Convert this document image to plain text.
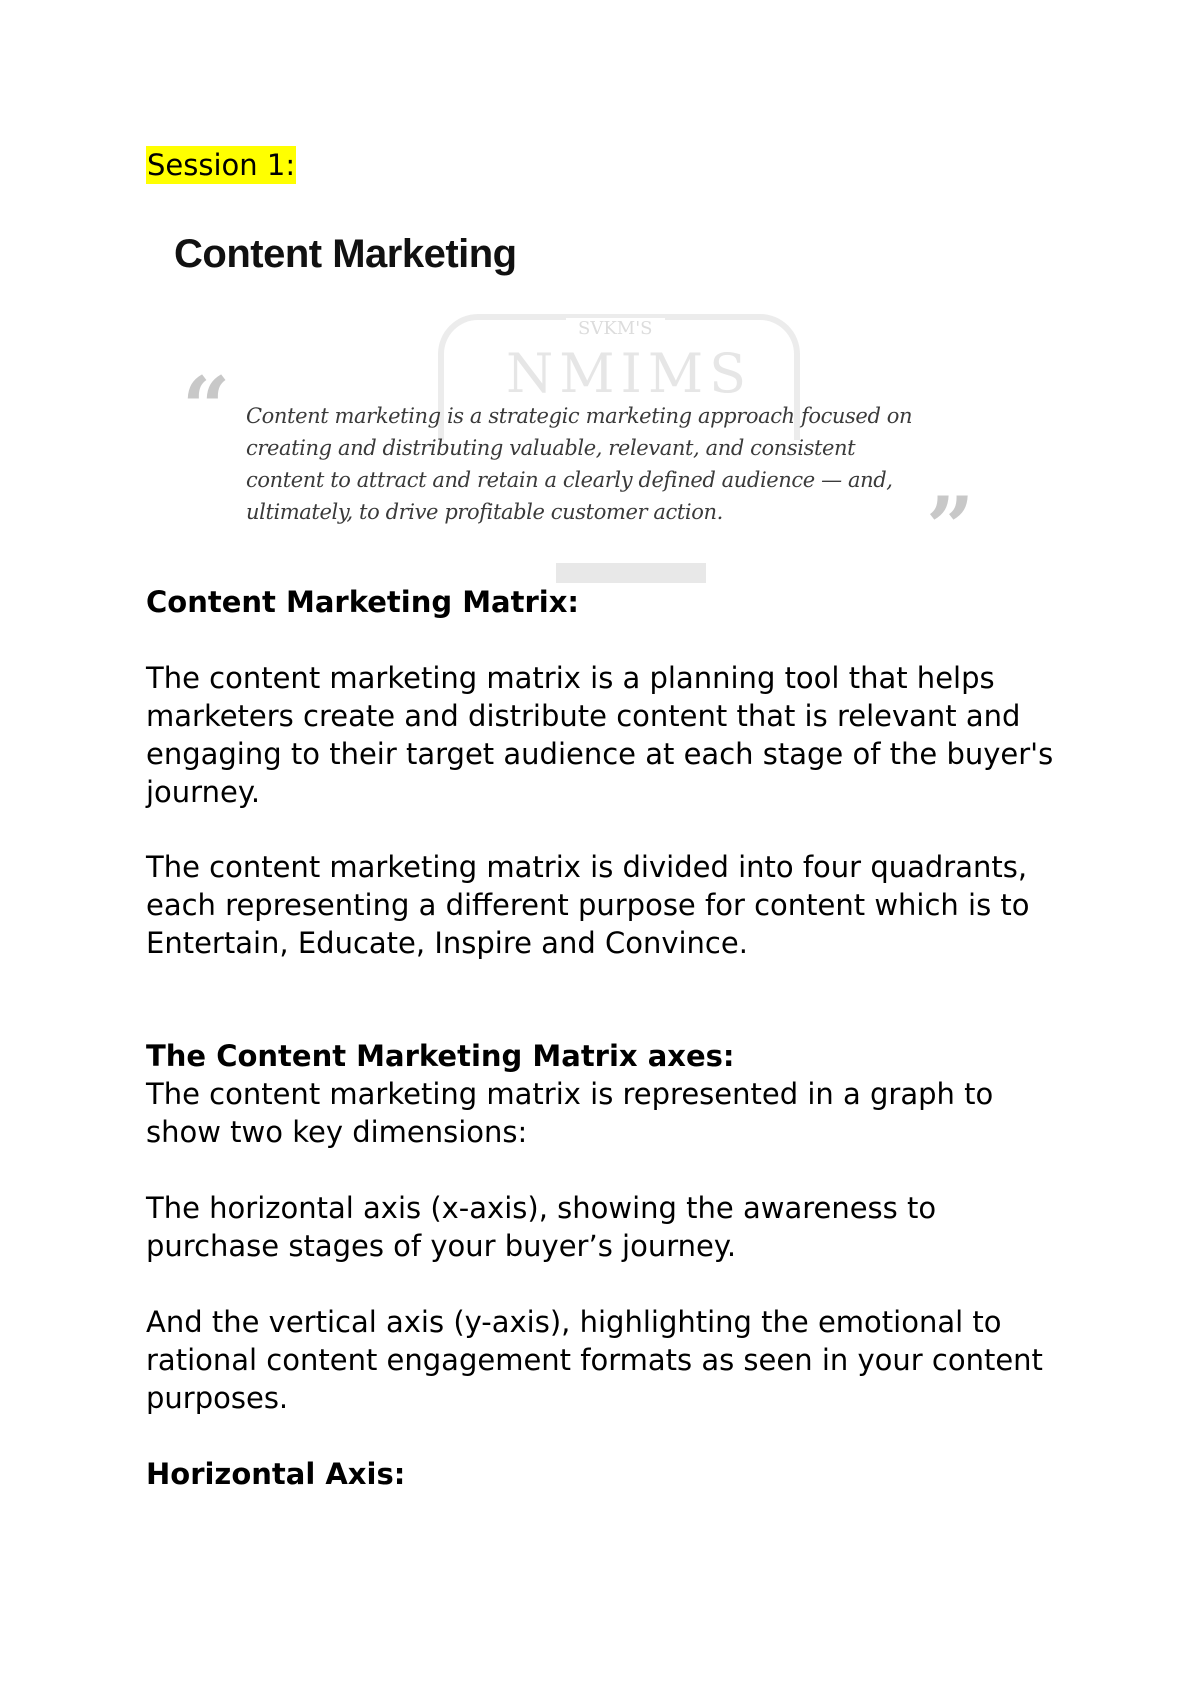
Session 1:
SVKM'S
NMIMS
Content Marketing
“ Content marketing is a strategic marketing approach focused on creating and distributing valuable, relevant, and consistent content to attract and retain a clearly defined audience — and, ultimately, to drive profitable customer action.	”

Content Marketing Matrix:

The content marketing matrix is a planning tool that helps marketers create and distribute content that is relevant and engaging to their target audience at each stage of the buyer's journey.

The content marketing matrix is divided into four quadrants, each representing a different purpose for content which is to Entertain, Educate, Inspire and Convince.

The Content Marketing Matrix axes:

The content marketing matrix is represented in a graph to show two key dimensions:

The horizontal axis (x-axis), showing the awareness to purchase stages of your buyer’s journey.

And the vertical axis (y-axis), highlighting the emotional to rational content engagement formats as seen in your content purposes.

Horizontal Axis:
